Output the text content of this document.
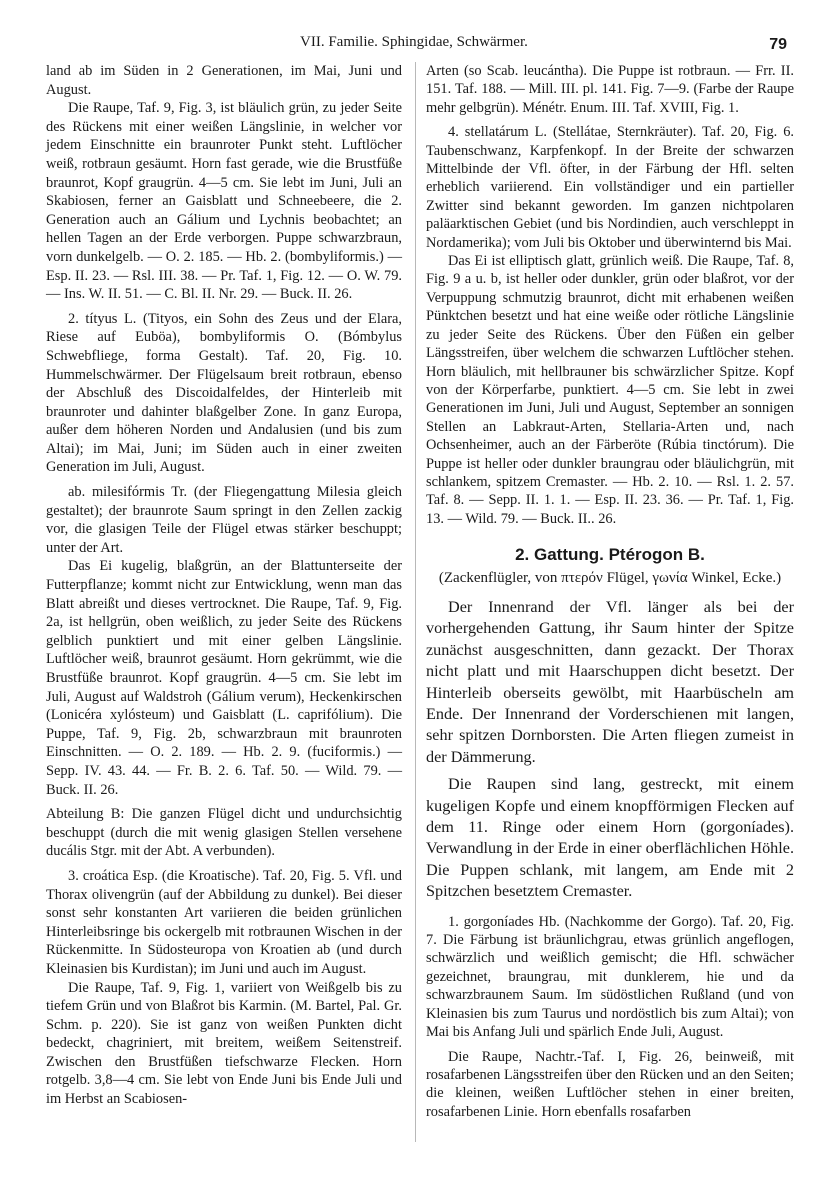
VII. Familie. Sphingidae, Schwärmer.	79

land ab im Süden in 2 Generationen, im Mai, Juni und August.

Die Raupe, Taf. 9, Fig. 3, ist bläulich grün, zu jeder Seite des Rückens mit einer weißen Längslinie, in welcher vor jedem Einschnitte ein braunroter Punkt steht. Luftlöcher weiß, rotbraun gesäumt. Horn fast gerade, wie die Brustfüße braunrot, Kopf graugrün. 4—5 cm. Sie lebt im Juni, Juli an Skabiosen, ferner an Gaisblatt und Schneebeere, die 2. Generation auch an Gálium und Lychnis beobachtet; an hellen Tagen an der Erde verborgen. Puppe schwarzbraun, vorn dunkelgelb. — O. 2. 185. — Hb. 2. (bombyliformis.) — Esp. II. 23. — Rsl. III. 38. — Pr. Taf. 1, Fig. 12. — O. W. 79. — Ins. W. II. 51. — C. Bl. II. Nr. 29. — Buck. II. 26.

2. títyus L. (Tityos, ein Sohn des Zeus und der Elara, Riese auf Euböa), bombyliformis O. (Bómbylus Schwebfliege, forma Gestalt). Taf. 20, Fig. 10. Hummelschwärmer. Der Flügelsaum breit rotbraun, ebenso der Abschluß des Discoidalfeldes, der Hinterleib mit braunroter und dahinter blaßgelber Zone. In ganz Europa, außer dem höheren Norden und Andalusien (und bis zum Altai); im Mai, Juni; im Süden auch in einer zweiten Generation im Juli, August.

ab. milesifórmis Tr. (der Fliegengattung Milesia gleich gestaltet); der braunrote Saum springt in den Zellen zackig vor, die glasigen Teile der Flügel etwas stärker beschuppt; unter der Art.

Das Ei kugelig, blaßgrün, an der Blattunterseite der Futterpflanze; kommt nicht zur Entwicklung, wenn man das Blatt abreißt und dieses vertrocknet. Die Raupe, Taf. 9, Fig. 2a, ist hellgrün, oben weißlich, zu jeder Seite des Rückens gelblich punktiert und mit einer gelben Längslinie. Luftlöcher weiß, braunrot gesäumt. Horn gekrümmt, wie die Brustfüße braunrot. Kopf graugrün. 4—5 cm. Sie lebt im Juli, August auf Waldstroh (Gálium verum), Heckenkirschen (Lonicéra xylósteum) und Gaisblatt (L. caprifólium). Die Puppe, Taf. 9, Fig. 2b, schwarzbraun mit braunroten Einschnitten. — O. 2. 189. — Hb. 2. 9. (fuciformis.) — Sepp. IV. 43. 44. — Fr. B. 2. 6. Taf. 50. — Wild. 79. — Buck. II. 26.

Abteilung B: Die ganzen Flügel dicht und undurchsichtig beschuppt (durch die mit wenig glasigen Stellen versehene ducális Stgr. mit der Abt. A verbunden).

3. croática Esp. (die Kroatische). Taf. 20, Fig. 5. Vfl. und Thorax olivengrün (auf der Abbildung zu dunkel). Bei dieser sonst sehr konstanten Art variieren die beiden grünlichen Hinterleibsringe bis ockergelb mit rotbraunen Wischen in der Rückenmitte. In Südosteuropa von Kroatien ab (und durch Kleinasien bis Kurdistan); im Juni und auch im August.

Die Raupe, Taf. 9, Fig. 1, variiert von Weißgelb bis zu tiefem Grün und von Blaßrot bis Karmin. (M. Bartel, Pal. Gr. Schm. p. 220). Sie ist ganz von weißen Punkten dicht bedeckt, chagriniert, mit breitem, weißem Seitenstreif. Zwischen den Brustfüßen tiefschwarze Flecken. Horn rotgelb. 3,8—4 cm. Sie lebt von Ende Juni bis Ende Juli und im Herbst an Scabiosen-

Arten (so Scab. leucántha). Die Puppe ist rotbraun. — Frr. II. 151. Taf. 188. — Mill. III. pl. 141. Fig. 7—9. (Farbe der Raupe mehr gelbgrün). Ménétr. Enum. III. Taf. XVIII, Fig. 1.

4. stellatárum L. (Stellátae, Sternkräuter). Taf. 20, Fig. 6. Taubenschwanz, Karpfenkopf. In der Breite der schwarzen Mittelbinde der Vfl. öfter, in der Färbung der Hfl. selten erheblich variierend. Ein vollständiger und ein partieller Zwitter sind bekannt geworden. Im ganzen nichtpolaren paläarktischen Gebiet (und bis Nordindien, auch verschleppt in Nordamerika); vom Juli bis Oktober und überwinternd bis Mai.

Das Ei ist elliptisch glatt, grünlich weiß. Die Raupe, Taf. 8, Fig. 9 a u. b, ist heller oder dunkler, grün oder blaßrot, vor der Verpuppung schmutzig braunrot, dicht mit erhabenen weißen Pünktchen besetzt und hat eine weiße oder rötliche Längslinie zu jeder Seite des Rückens. Über den Füßen ein gelber Längsstreifen, über welchem die schwarzen Luftlöcher stehen. Horn bläulich, mit hellbrauner bis schwärzlicher Spitze. Kopf von der Körperfarbe, punktiert. 4—5 cm. Sie lebt in zwei Generationen im Juni, Juli und August, September an sonnigen Stellen an Labkraut-Arten, Stellaria-Arten und, nach Ochsenheimer, auch an der Färberöte (Rúbia tinctórum). Die Puppe ist heller oder dunkler braungrau oder bläulichgrün, mit schlankem, spitzem Cremaster. — Hb. 2. 10. — Rsl. 1. 2. 57. Taf. 8. — Sepp. II. 1. 1. — Esp. II. 23. 36. — Pr. Taf. 1, Fig. 13. — Wild. 79. — Buck. II.. 26.

2. Gattung. Ptérogon B.
(Zackenflügler, von πτερόν Flügel, γωνία Winkel, Ecke.)

Der Innenrand der Vfl. länger als bei der vorhergehenden Gattung, ihr Saum hinter der Spitze zunächst ausgeschnitten, dann gezackt. Der Thorax nicht platt und mit Haarschuppen dicht besetzt. Der Hinterleib oberseits gewölbt, mit Haarbüscheln am Ende. Der Innenrand der Vorderschienen mit langen, sehr spitzen Dornborsten. Die Arten fliegen zumeist in der Dämmerung.

Die Raupen sind lang, gestreckt, mit einem kugeligen Kopfe und einem knopfförmigen Flecken auf dem 11. Ringe oder einem Horn (gorgoníades). Verwandlung in der Erde in einer oberflächlichen Höhle. Die Puppen schlank, mit langem, am Ende mit 2 Spitzchen besetztem Cremaster.

1. gorgoníades Hb. (Nachkomme der Gorgo). Taf. 20, Fig. 7. Die Färbung ist bräunlichgrau, etwas grünlich angeflogen, schwärzlich und weißlich gemischt; die Hfl. schwächer gezeichnet, braungrau, mit dunklerem, hie und da schwarzbraunem Saum. Im südöstlichen Rußland (und von Kleinasien bis zum Taurus und nordöstlich bis zum Altai); von Mai bis Anfang Juli und spärlich Ende Juli, August.

Die Raupe, Nachtr.-Taf. I, Fig. 26, beinweiß, mit rosafarbenen Längsstreifen über den Rücken und an den Seiten; die kleinen, weißen Luftlöcher stehen in einer breiten, rosafarbenen Linie. Horn ebenfalls rosafarben
